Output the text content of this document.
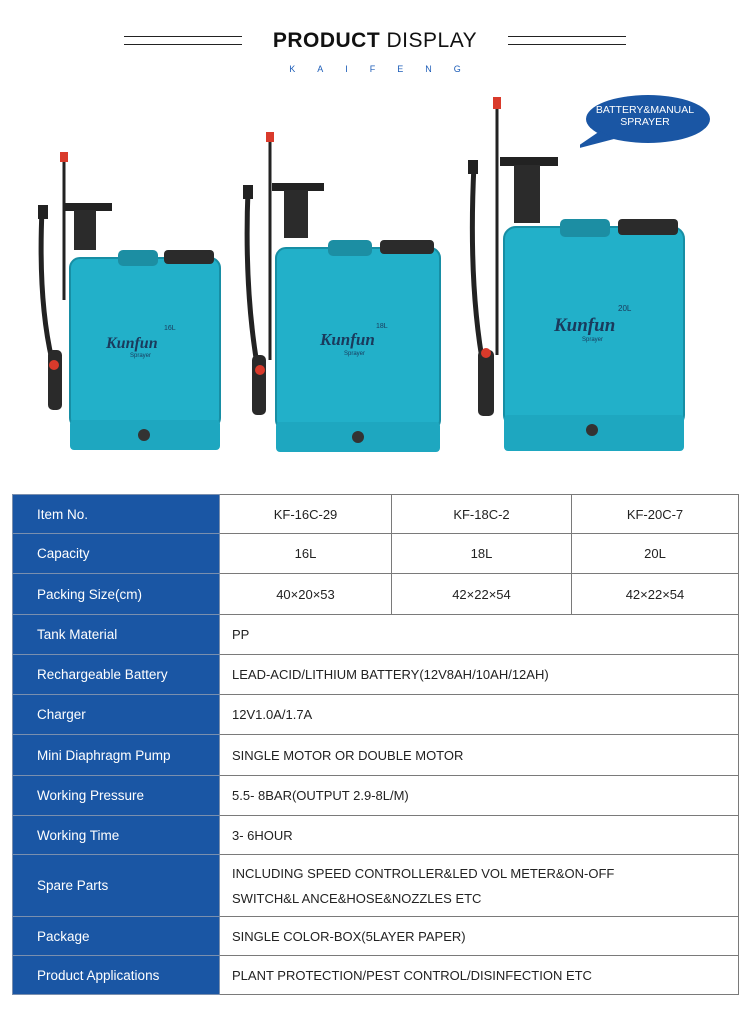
PRODUCT DISPLAY
KAIFENG
BATTERY&MANUAL
SPRAYER
Kunfun
16L
Sprayer
Kunfun
18L
Sprayer
Kunfun
20L
Sprayer
Item No.	KF-16C-29	KF-18C-2	KF-20C-7
Capacity	16L	18L	20L
Packing Size(cm)	40×20×53	42×22×54	42×22×54
Tank Material	PP		
Rechargeable Battery	LEAD-ACID/LITHIUM BATTERY(12V8AH/10AH/12AH)		
Charger	12V1.0A/1.7A		
Mini Diaphragm Pump	SINGLE MOTOR OR DOUBLE MOTOR		
Working Pressure	5.5- 8BAR(OUTPUT 2.9-8L/M)		
Working Time	3- 6HOUR		
Spare Parts	INCLUDING SPEED CONTROLLER&LED VOL METER&ON-OFF
SWITCH&L ANCE&HOSE&NOZZLES ETC		

Package	SINGLE COLOR-BOX(5LAYER PAPER)		
Product Applications	PLANT PROTECTION/PEST CONTROL/DISINFECTION ETC		
